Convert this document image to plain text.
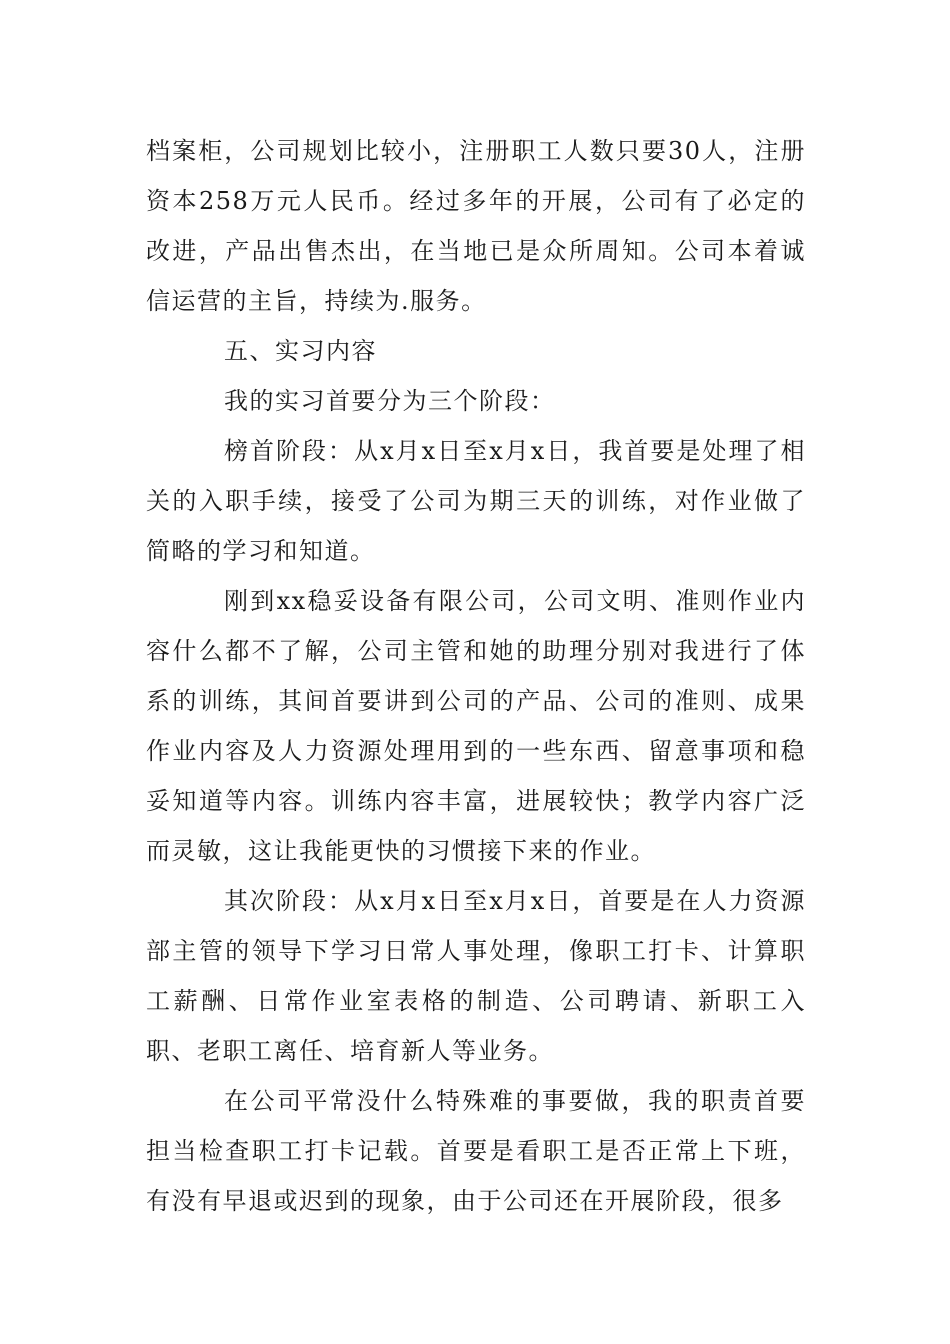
档案柜，公司规划比较小，注册职工人数只要30人，注册资本258万元人民币。经过多年的开展，公司有了必定的改进，产品出售杰出，在当地已是众所周知。公司本着诚信运营的主旨，持续为.服务。

五、实习内容

我的实习首要分为三个阶段：

榜首阶段：从x月x日至x月x日，我首要是处理了相关的入职手续，接受了公司为期三天的训练，对作业做了简略的学习和知道。

刚到xx稳妥设备有限公司，公司文明、准则作业内容什么都不了解，公司主管和她的助理分别对我进行了体系的训练，其间首要讲到公司的产品、公司的准则、成果作业内容及人力资源处理用到的一些东西、留意事项和稳妥知道等内容。训练内容丰富，进展较快；教学内容广泛而灵敏，这让我能更快的习惯接下来的作业。

其次阶段：从x月x日至x月x日，首要是在人力资源部主管的领导下学习日常人事处理，像职工打卡、计算职工薪酬、日常作业室表格的制造、公司聘请、新职工入职、老职工离任、培育新人等业务。

在公司平常没什么特殊难的事要做，我的职责首要担当检查职工打卡记载。首要是看职工是否正常上下班，有没有早退或迟到的现象，由于公司还在开展阶段，很多
